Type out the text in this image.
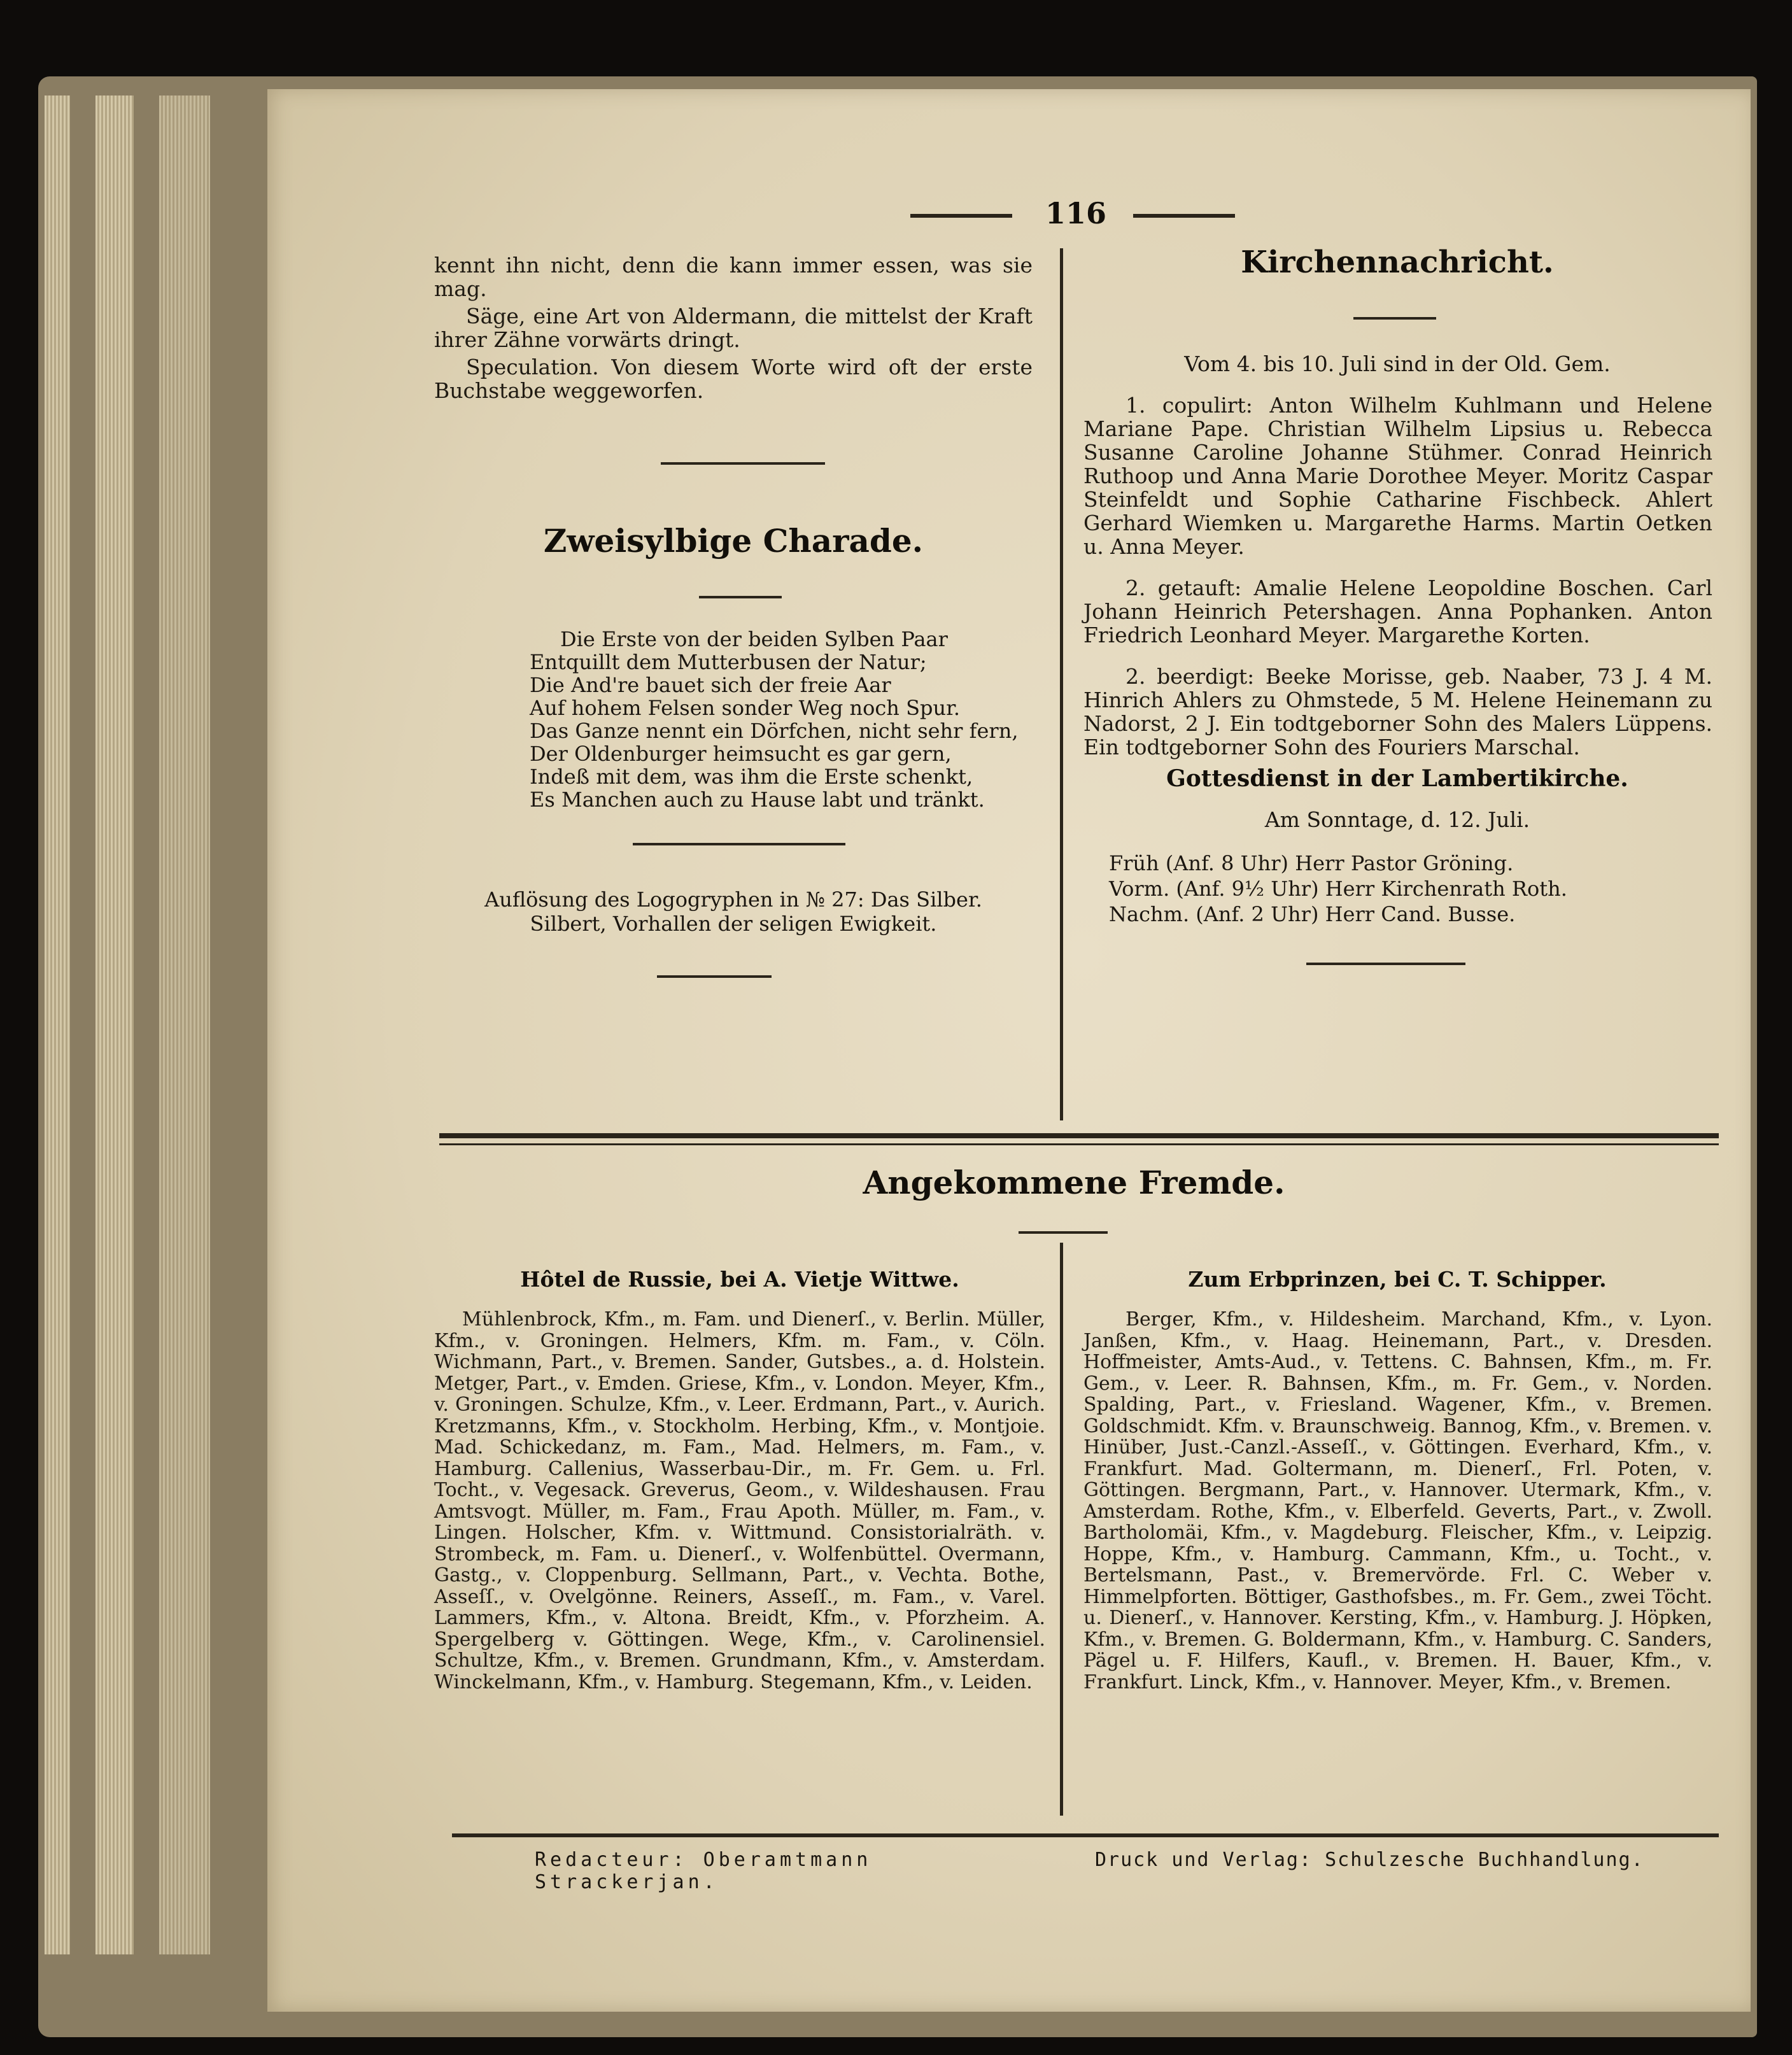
116
kennt ihn nicht, denn die kann immer essen, was sie mag.
Säge, eine Art von Aldermann, die mittelst der Kraft ihrer Zähne vorwärts dringt.
Speculation. Von diesem Worte wird oft der erste Buchstabe weggeworfen.
Zweisylbige Charade.

Die Erste von der beiden Sylben Paar

Entquillt dem Mutterbusen der Natur;

Die And're bauet sich der freie Aar

Auf hohem Felsen sonder Weg noch Spur.

Das Ganze nennt ein Dörfchen, nicht sehr fern,

Der Oldenburger heimsucht es gar gern,

Indeß mit dem, was ihm die Erste schenkt,

Es Manchen auch zu Hause labt und tränkt.

Auflösung des Logogryphen in № 27: Das Silber.
Silbert, Vorhallen der seligen Ewigkeit.
Kirchennachricht.
Vom 4. bis 10. Juli sind in der Old. Gem.
1. copulirt: Anton Wilhelm Kuhlmann und Helene Mariane Pape. Christian Wilhelm Lipsius u. Rebecca Susanne Caroline Johanne Stühmer. Conrad Heinrich Ruthoop und Anna Marie Dorothee Meyer. Moritz Caspar Steinfeldt und Sophie Catharine Fischbeck. Ahlert Gerhard Wiemken u. Margarethe Harms. Martin Oetken u. Anna Meyer.
2. getauft: Amalie Helene Leopoldine Boschen. Carl Johann Heinrich Petershagen. Anna Pophanken. Anton Friedrich Leonhard Meyer. Margarethe Korten.
2. beerdigt: Beeke Morisse, geb. Naaber, 73 J. 4 M. Hinrich Ahlers zu Ohmstede, 5 M. Helene Heinemann zu Nadorst, 2 J. Ein todtgeborner Sohn des Malers Lüppens. Ein todtgeborner Sohn des Fouriers Marschal.
Gottesdienst in der Lambertikirche.
Am Sonntage, d. 12. Juli.
Früh (Anf. 8 Uhr) Herr Pastor Gröning.
Vorm. (Anf. 9½ Uhr) Herr Kirchenrath Roth.
Nachm. (Anf. 2 Uhr) Herr Cand. Busse.
Angekommene Fremde.
Hôtel de Russie, bei A. Vietje Wittwe.
Mühlenbrock, Kfm., m. Fam. und Dienerſ., v. Berlin. Müller, Kfm., v. Groningen. Helmers, Kfm. m. Fam., v. Cöln. Wichmann, Part., v. Bremen. Sander, Gutsbes., a. d. Holstein. Metger, Part., v. Emden. Griese, Kfm., v. London. Meyer, Kfm., v. Groningen. Schulze, Kfm., v. Leer. Erdmann, Part., v. Aurich. Kretzmanns, Kfm., v. Stockholm. Herbing, Kfm., v. Montjoie. Mad. Schickedanz, m. Fam., Mad. Helmers, m. Fam., v. Hamburg. Callenius, Wasserbau-Dir., m. Fr. Gem. u. Frl. Tocht., v. Vegesack. Greverus, Geom., v. Wildeshausen. Frau Amtsvogt. Müller, m. Fam., Frau Apoth. Müller, m. Fam., v. Lingen. Holscher, Kfm. v. Wittmund. Consistorialräth. v. Strombeck, m. Fam. u. Dienerſ., v. Wolfenbüttel. Overmann, Gastg., v. Cloppenburg. Sellmann, Part., v. Vechta. Bothe, Asseſſ., v. Ovelgönne. Reiners, Asseſſ., m. Fam., v. Varel. Lammers, Kfm., v. Altona. Breidt, Kfm., v. Pforzheim. A. Spergelberg v. Göttingen. Wege, Kfm., v. Carolinensiel. Schultze, Kfm., v. Bremen. Grundmann, Kfm., v. Amsterdam. Winckelmann, Kfm., v. Hamburg. Stegemann, Kfm., v. Leiden.
Zum Erbprinzen, bei C. T. Schipper.
Berger, Kfm., v. Hildesheim. Marchand, Kfm., v. Lyon. Janßen, Kfm., v. Haag. Heinemann, Part., v. Dresden. Hoffmeister, Amts-Aud., v. Tettens. C. Bahnsen, Kfm., m. Fr. Gem., v. Leer. R. Bahnsen, Kfm., m. Fr. Gem., v. Norden. Spalding, Part., v. Friesland. Wagener, Kfm., v. Bremen. Goldschmidt. Kfm. v. Braunschweig. Bannog, Kfm., v. Bremen. v. Hinüber, Just.-Canzl.-Asseſſ., v. Göttingen. Everhard, Kfm., v. Frankfurt. Mad. Goltermann, m. Dienerſ., Frl. Poten, v. Göttingen. Bergmann, Part., v. Hannover. Utermark, Kfm., v. Amsterdam. Rothe, Kfm., v. Elberfeld. Geverts, Part., v. Zwoll. Bartholomäi, Kfm., v. Magdeburg. Fleischer, Kfm., v. Leipzig. Hoppe, Kfm., v. Hamburg. Cammann, Kfm., u. Tocht., v. Bertelsmann, Past., v. Bremervörde. Frl. C. Weber v. Himmelpforten. Böttiger, Gasthofsbes., m. Fr. Gem., zwei Töcht. u. Dienerſ., v. Hannover. Kersting, Kfm., v. Hamburg. J. Höpken, Kfm., v. Bremen. G. Boldermann, Kfm., v. Hamburg. C. Sanders, Pägel u. F. Hilfers, Kaufl., v. Bremen. H. Bauer, Kfm., v. Frankfurt. Linck, Kfm., v. Hannover. Meyer, Kfm., v. Bremen.
Redacteur: Oberamtmann Strackerjan.
Druck und Verlag: Schulzesche Buchhandlung.
